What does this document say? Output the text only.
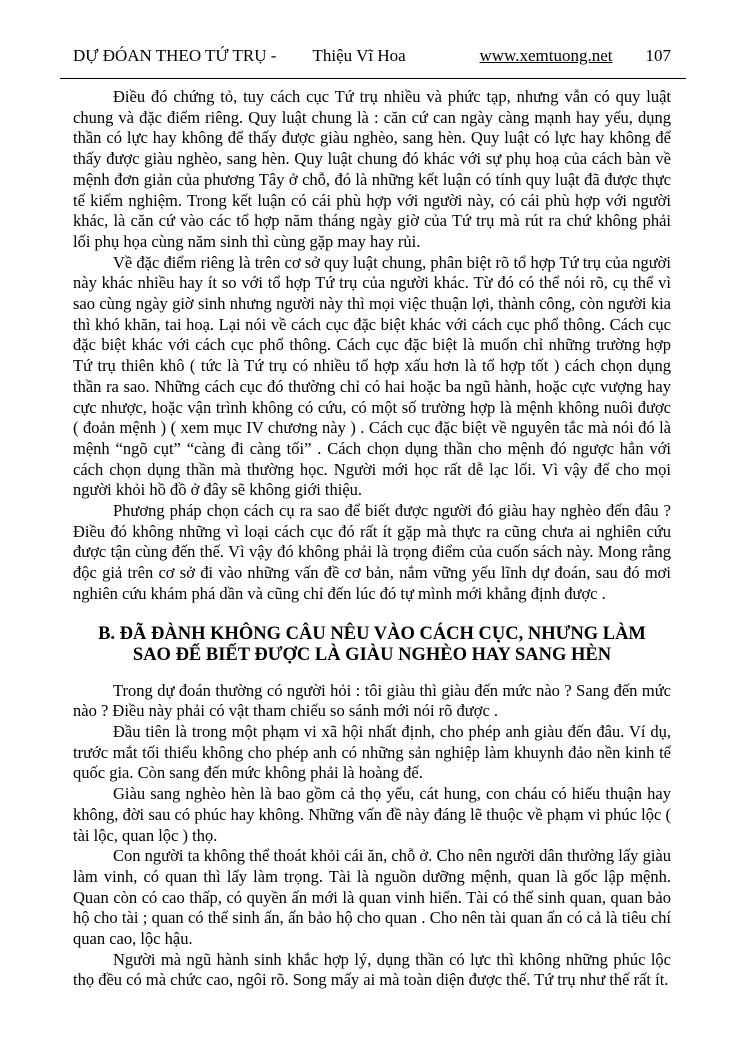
DỰ ĐÓAN THEO TỨ TRỤ - Thiệu Vĩ Hoa	www.xemtuong.net 107

Điều đó chứng tỏ, tuy cách cục Tứ trụ nhiều và phức tạp, nhưng vẫn có quy luật chung và đặc điểm riêng. Quy luật chung là : căn cứ can ngày càng mạnh hay yếu, dụng thần có lực hay không để thấy được giàu nghèo, sang hèn. Quy luật có lực hay không để thấy được giàu nghèo, sang hèn. Quy luật chung đó khác với sự phụ hoạ của cách bàn về mệnh đơn giản của phương Tây ở chỗ, đó là những kết luận có tính quy luật đã được thực tế kiểm nghiệm. Trong kết luận có cái phù hợp với người này, có cái phù hợp với người khác, là căn cứ vào các tổ hợp năm tháng ngày giờ của Tứ trụ mà rút ra chứ không phải lối phụ họa cùng năm sinh thì cùng gặp may hay rủi.

Về đặc điểm riêng là trên cơ sở quy luật chung, phân biệt rõ tổ hợp Tứ trụ của người này khác nhiều hay ít so với tổ hợp Tứ trụ của người khác. Từ đó có thể nói rõ, cụ thể vì sao cùng ngày giờ sinh nhưng người này thì mọi việc thuận lợi, thành công, còn người kia thì khó khăn, tai hoạ. Lại nói về cách cục đặc biệt khác với cách cục phổ thông. Cách cục đặc biệt khác với cách cục phổ thông. Cách cục đặc biệt là muốn chỉ những trường hợp Tứ trụ thiên khô ( tức là Tứ trụ có nhiều tổ hợp xấu hơn là tổ hợp tốt ) cách chọn dụng thần ra sao. Những cách cục đó thường chỉ có hai hoặc ba ngũ hành, hoặc cực vượng hay cực nhược, hoặc vận trình không có cứu, có một số trường hợp là mệnh không nuôi được ( đoản mệnh ) ( xem mục IV chương này ) . Cách cục đặc biệt về nguyên tắc mà nói đó là mệnh “ngõ cụt” “càng đi càng tối” . Cách chọn dụng thần cho mệnh đó ngược hẳn với cách chọn dụng thần mà thường học. Người mới học rất dễ lạc lối. Vì vậy để cho mọi người khỏi hồ đồ ở đây sẽ không giới thiệu.

Phương pháp chọn cách cụ ra sao để biết được người đó giàu hay nghèo đến đâu ? Điều đó không những vì loại cách cục đó rất ít gặp mà thực ra cũng chưa ai nghiên cứu được tận cùng đến thế. Vì vậy đó không phải là trọng điểm của cuốn sách này. Mong rằng độc giả trên cơ sở đi vào những vấn đề cơ bản, nắm vững yếu lĩnh dự đoán, sau đó mơi nghiên cứu khám phá dần và cũng chỉ đến lúc đó tự mình mới khẳng định được .

B. ĐÃ ĐÀNH KHÔNG CÂU NÊU VÀO CÁCH CỤC, NHƯNG LÀM
SAO ĐỂ BIẾT ĐƯỢC LÀ GIÀU NGHÈO HAY SANG HÈN

Trong dự đoán thường có người hỏi : tôi giàu thì giàu đến mức nào ? Sang đến mức nào ? Điều này phải có vật tham chiếu so sánh mới nói rõ được .

Đầu tiên là trong một phạm vi xã hội nhất định, cho phép anh giàu đến đâu. Ví dụ, trước mắt tối thiểu không cho phép anh có những sản nghiệp làm khuynh đảo nền kinh tế quốc gia. Còn sang đến mức không phải là hoàng đế.

Giàu sang nghèo hèn là bao gồm cả thọ yểu, cát hung, con cháu có hiếu thuận hay không, đời sau có phúc hay không. Những vấn đề này đáng lẽ thuộc về phạm vi phúc lộc ( tài lộc, quan lộc ) thọ.

Con người ta không thể thoát khỏi cái ăn, chỗ ở. Cho nên người dân thường lấy giàu làm vinh, có quan thì lấy làm trọng. Tài là nguồn dưỡng mệnh, quan là gốc lập mệnh. Quan còn có cao thấp, có quyền ấn mới là quan vinh hiển. Tài có thể sinh quan, quan bảo hộ cho tài ; quan có thể sinh ấn, ấn bảo hộ cho quan . Cho nên tài quan ấn có cả là tiêu chí quan cao, lộc hậu.

Người mà ngũ hành sinh khắc hợp lý, dụng thần có lực thì không những phúc lộc thọ đều có mà chức cao, ngôi rõ. Song mấy ai mà toàn diện được thế. Tứ trụ như thế rất ít.
